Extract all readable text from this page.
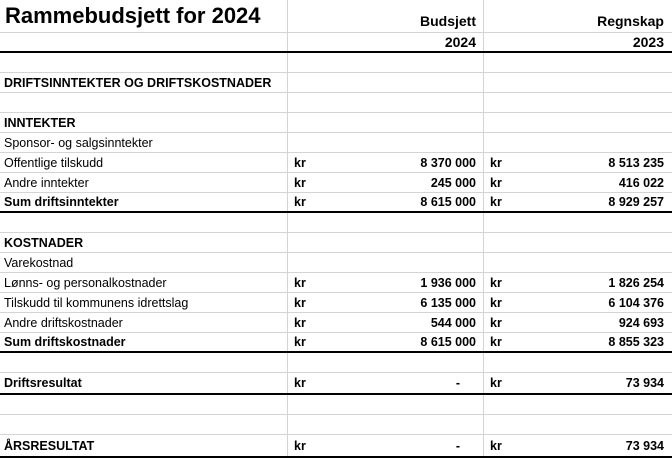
Rammebudsjett for 2024	Budsjett	Regnskap
2024	2023
DRIFTSINNTEKTER OG DRIFTSKOSTNADER
INNTEKTER
Sponsor- og salgsinntekter
Offentlige tilskudd	kr	8 370 000 kr	8 513 235
Andre inntekter	kr	245 000 kr	416 022
Sum driftsinntekter	kr	8 615 000 kr	8 929 257
KOSTNADER
Varekostnad
Lønns- og personalkostnader	kr	1 936 000 kr	1 826 254
Tilskudd til kommunens idrettslag	kr	6 135 000 kr	6 104 376
Andre driftskostnader	kr	544 000 kr	924 693
Sum driftskostnader	kr	8 615 000 kr	8 855 323
Driftsresultat	kr	-	kr	73 934
ÅRSRESULTAT	kr	-	kr	73 934
